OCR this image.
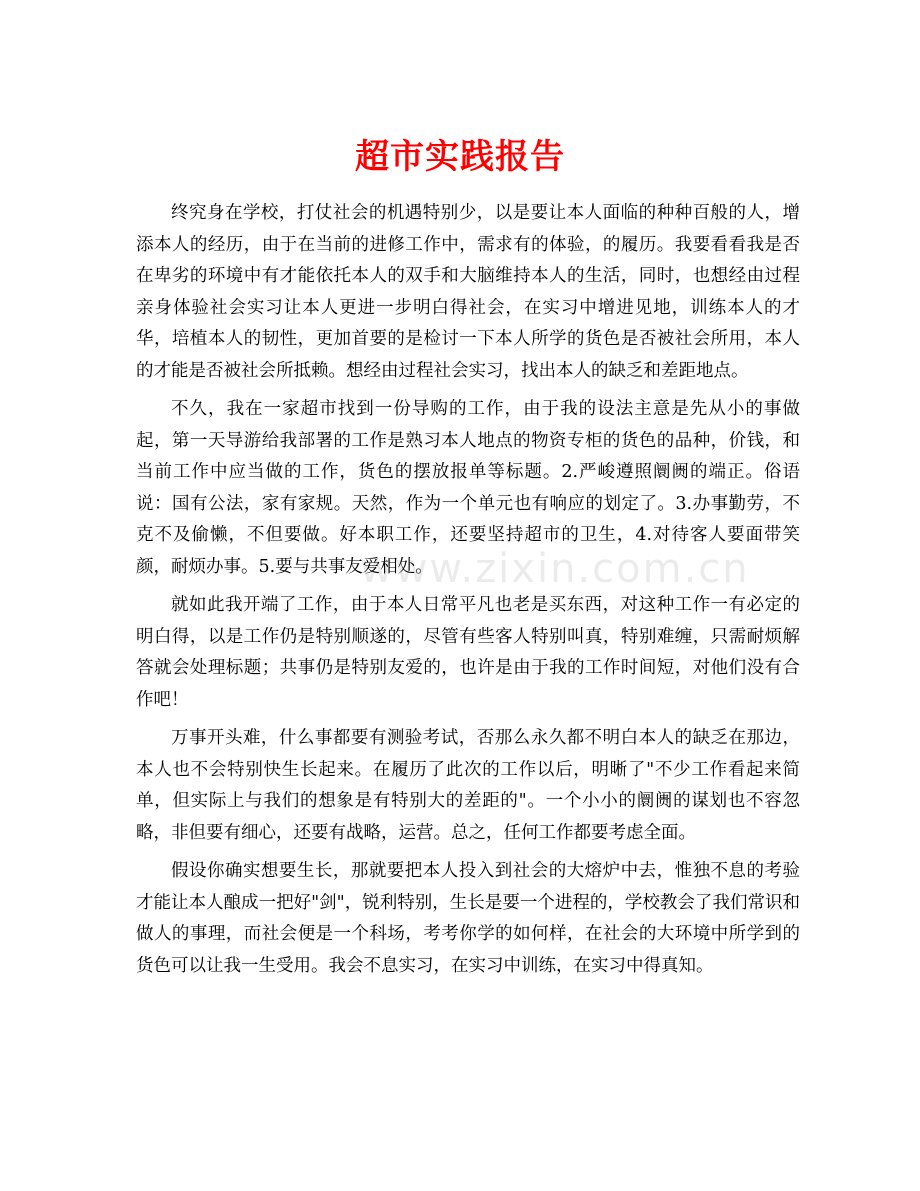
超市实践报告

终究身在学校，打仗社会的机遇特别少，以是要让本人面临的种种百般的人，增添本人的经历，由于在当前的进修工作中，需求有的体验，的履历。我要看看我是否在卑劣的环境中有才能依托本人的双手和大脑维持本人的生活，同时，也想经由过程亲身体验社会实习让本人更进一步明白得社会，在实习中增进见地，训练本人的才华，培植本人的韧性，更加首要的是检讨一下本人所学的货色是否被社会所用，本人的才能是否被社会所抵赖。想经由过程社会实习，找出本人的缺乏和差距地点。

不久，我在一家超市找到一份导购的工作，由于我的设法主意是先从小的事做起，第一天导游给我部署的工作是熟习本人地点的物资专柜的货色的品种，价钱，和当前工作中应当做的工作，货色的摆放报单等标题。2.严峻遵照阛阓的端正。俗语说：国有公法，家有家规。天然，作为一个单元也有响应的划定了。3.办事勤劳，不克不及偷懒，不但要做。好本职工作，还要坚持超市的卫生，4.对待客人要面带笑颜，耐烦办事。5.要与共事友爱相处。

就如此我开端了工作，由于本人日常平凡也老是买东西，对这种工作一有必定的明白得，以是工作仍是特别顺遂的，尽管有些客人特别叫真，特别难缠，只需耐烦解答就会处理标题；共事仍是特别友爱的，也许是由于我的工作时间短，对他们没有合作吧！

万事开头难，什么事都要有测验考试，否那么永久都不明白本人的缺乏在那边，本人也不会特别快生长起来。在履历了此次的工作以后，明晰了"不少工作看起来简单，但实际上与我们的想象是有特别大的差距的"。一个小小的阛阓的谋划也不容忽略，非但要有细心，还要有战略，运营。总之，任何工作都要考虑全面。

假设你确实想要生长，那就要把本人投入到社会的大熔炉中去，惟独不息的考验才能让本人酿成一把好"剑"，锐利特别，生长是要一个进程的，学校教会了我们常识和做人的事理，而社会便是一个科场，考考你学的如何样，在社会的大环境中所学到的货色可以让我一生受用。我会不息实习，在实习中训练，在实习中得真知。

www.zixin.com.cn
